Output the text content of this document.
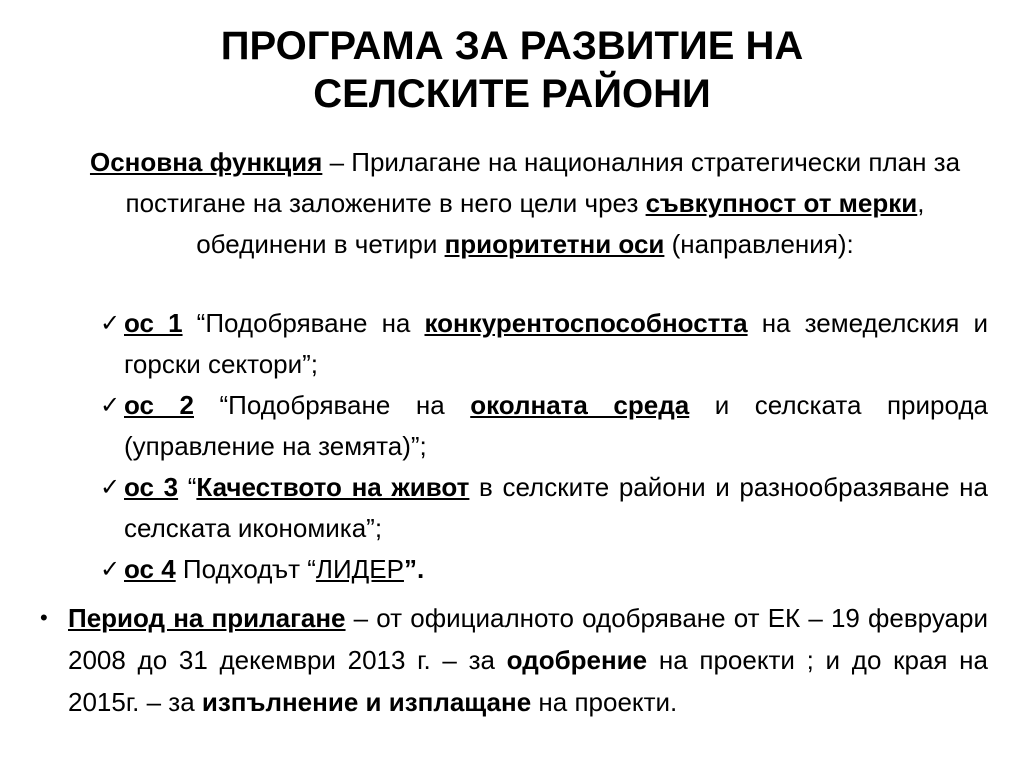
ПРОГРАМА ЗА РАЗВИТИЕ НА
СЕЛСКИТЕ РАЙОНИ
Основна функция – Прилагане на националния стратегически план за постигане на заложените в него цели чрез съвкупност от мерки, обединени в четири приоритетни оси (направления):
✓ ос 1 “Подобряване на конкурентоспособността на земеделския и горски сектори”;
✓ ос 2 “Подобряване на околната среда и селската природа (управление на земята)”;
✓ ос 3 “Качеството на живот в селските райони и разнообразяване на селската икономика”;
✓ ос 4 Подходът “ЛИДЕР”.
• Период на прилагане – от официалното одобряване от ЕК – 19 февруари 2008 до 31 декември 2013 г. – за одобрение на проекти ; и до края на 2015г. – за изпълнение и изплащане на проекти.
